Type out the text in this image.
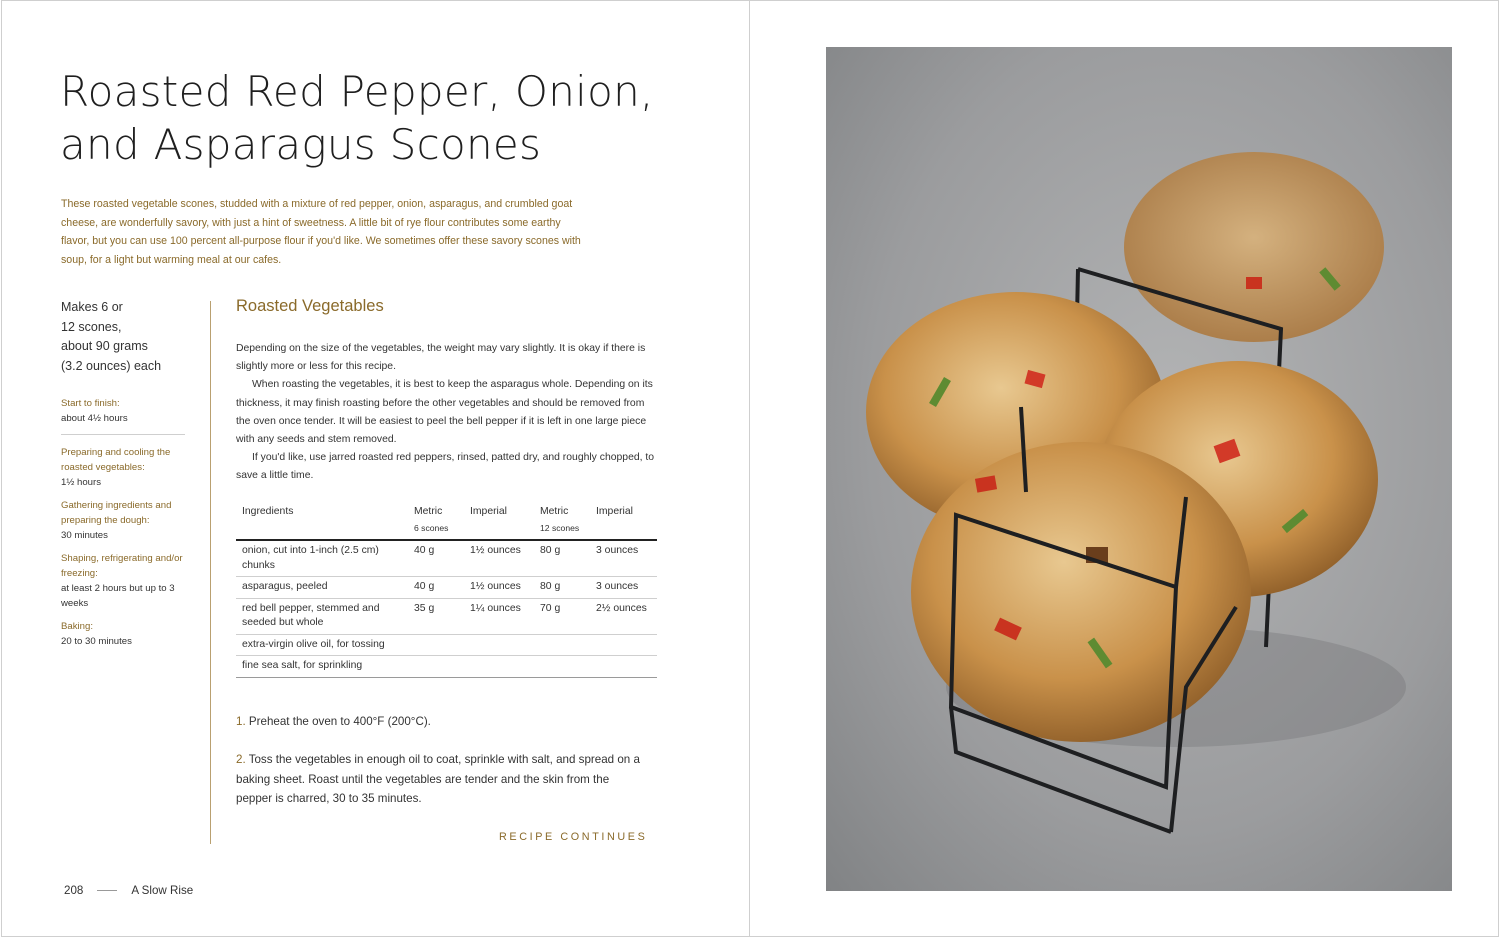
Roasted Red Pepper, Onion,
and Asparagus Scones

These roasted vegetable scones, studded with a mixture of red pepper, onion, asparagus, and crumbled goat cheese, are wonderfully savory, with just a hint of sweetness. A little bit of rye flour contributes some earthy flavor, but you can use 100 percent all-purpose flour if you'd like. We sometimes offer these savory scones with soup, for a light but warming meal at our cafes.

Makes 6 or
12 scones,
about 90 grams
(3.2 ounces) each

Start to finish:
about 4½ hours
Preparing and cooling the roasted vegetables:
1½ hours
Gathering ingredients and preparing the dough:
30 minutes
Shaping, refrigerating and/or freezing:
at least 2 hours but up to 3 weeks
Baking:
20 to 30 minutes
Roasted Vegetables

Depending on the size of the vegetables, the weight may vary slightly. It is okay if there is slightly more or less for this recipe.

When roasting the vegetables, it is best to keep the asparagus whole. Depending on its thickness, it may finish roasting before the other vegetables and should be removed from the oven once tender. It will be easiest to peel the bell pepper if it is left in one large piece with any seeds and stem removed.

If you'd like, use jarred roasted red peppers, rinsed, patted dry, and roughly chopped, to save a little time.

Ingredients	Metric	Imperial	Metric	Imperial
	6 scones		12 scones	
onion, cut into 1-inch (2.5 cm) chunks	40 g	1½ ounces	80 g	3 ounces
asparagus, peeled	40 g	1½ ounces	80 g	3 ounces
red bell pepper, stemmed and seeded but whole	35 g	1¼ ounces	70 g	2½ ounces
extra-virgin olive oil, for tossing				
fine sea salt, for sprinkling				

1. Preheat the oven to 400°F (200°C).

2. Toss the vegetables in enough oil to coat, sprinkle with salt, and spread on a baking sheet. Roast until the vegetables are tender and the skin from the pepper is charred, 30 to 35 minutes.

RECIPE CONTINUES
208	A Slow Rise
